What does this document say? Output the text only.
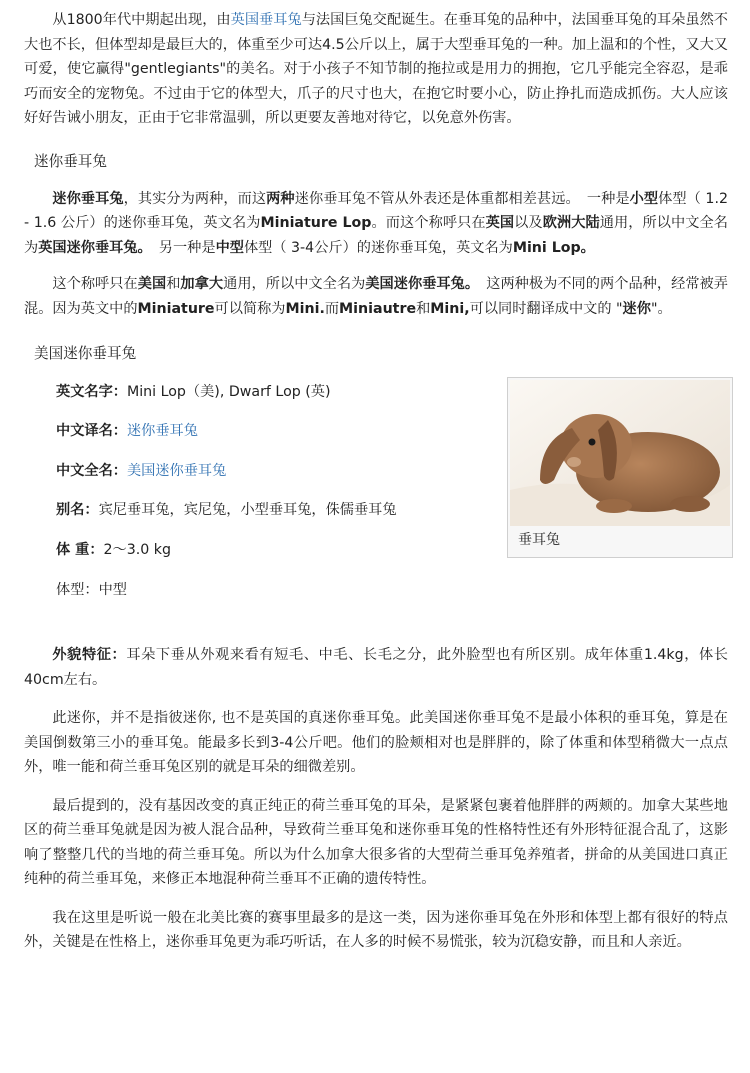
从1800年代中期起出现，由英国垂耳兔与法国巨兔交配诞生。在垂耳兔的品种中，法国垂耳兔的耳朵虽然不大也不长，但体型却是最巨大的，体重至少可达4.5公斤以上，属于大型垂耳兔的一种。加上温和的个性，又大又可爱，使它赢得"gentlegiants"的美名。对于小孩子不知节制的拖拉或是用力的拥抱，它几乎能完全容忍，是乖巧而安全的宠物兔。不过由于它的体型大，爪子的尺寸也大，在抱它时要小心，防止挣扎而造成抓伤。大人应该好好告诫小朋友，正由于它非常温驯，所以更要友善地对待它，以免意外伤害。

迷你垂耳兔

迷你垂耳兔，其实分为两种，而这两种迷你垂耳兔不管从外表还是体重都相差甚远。　一种是小型体型（ 1.2 - 1.6 公斤）的迷你垂耳兔，英文名为Miniature Lop。而这个称呼只在英国以及欧洲大陆通用，所以中文全名为英国迷你垂耳兔。　另一种是中型体型（ 3-4公斤）的迷你垂耳兔，英文名为Mini Lop。

这个称呼只在美国和加拿大通用，所以中文全名为美国迷你垂耳兔。　这两种极为不同的两个品种，经常被弄混。因为英文中的Miniature可以简称为Mini.而Miniautre和Mini,可以同时翻译成中文的 "迷你"。

美国迷你垂耳兔
英文名字：Mini Lop（美), Dwarf Lop (英)
中文译名：迷你垂耳兔
中文全名：美国迷你垂耳兔
别名：宾尼垂耳兔，宾尼兔，小型垂耳兔，侏儒垂耳兔
体 重：2～3.0 kg
体型：中型
垂耳兔

外貌特征：耳朵下垂从外观来看有短毛、中毛、长毛之分，此外脸型也有所区别。成年体重1.4kg，体长40cm左右。

此迷你，并不是指彼迷你, 也不是英国的真迷你垂耳兔。此美国迷你垂耳兔不是最小体积的垂耳兔，算是在美国倒数第三小的垂耳兔。能最多长到3-4公斤吧。他们的脸颊相对也是胖胖的，除了体重和体型稍微大一点点外，唯一能和荷兰垂耳兔区别的就是耳朵的细微差别。

最后提到的，没有基因改变的真正纯正的荷兰垂耳兔的耳朵，是紧紧包裹着他胖胖的两颊的。加拿大某些地区的荷兰垂耳兔就是因为被人混合品种，导致荷兰垂耳兔和迷你垂耳兔的性格特性还有外形特征混合乱了，这影响了整整几代的当地的荷兰垂耳兔。所以为什么加拿大很多省的大型荷兰垂耳兔养殖者，拼命的从美国进口真正纯种的荷兰垂耳兔，来修正本地混种荷兰垂耳不正确的遗传特性。

我在这里是听说一般在北美比赛的赛事里最多的是这一类，因为迷你垂耳兔在外形和体型上都有很好的特点外，关键是在性格上，迷你垂耳兔更为乖巧听话，在人多的时候不易慌张，较为沉稳安静，而且和人亲近。
